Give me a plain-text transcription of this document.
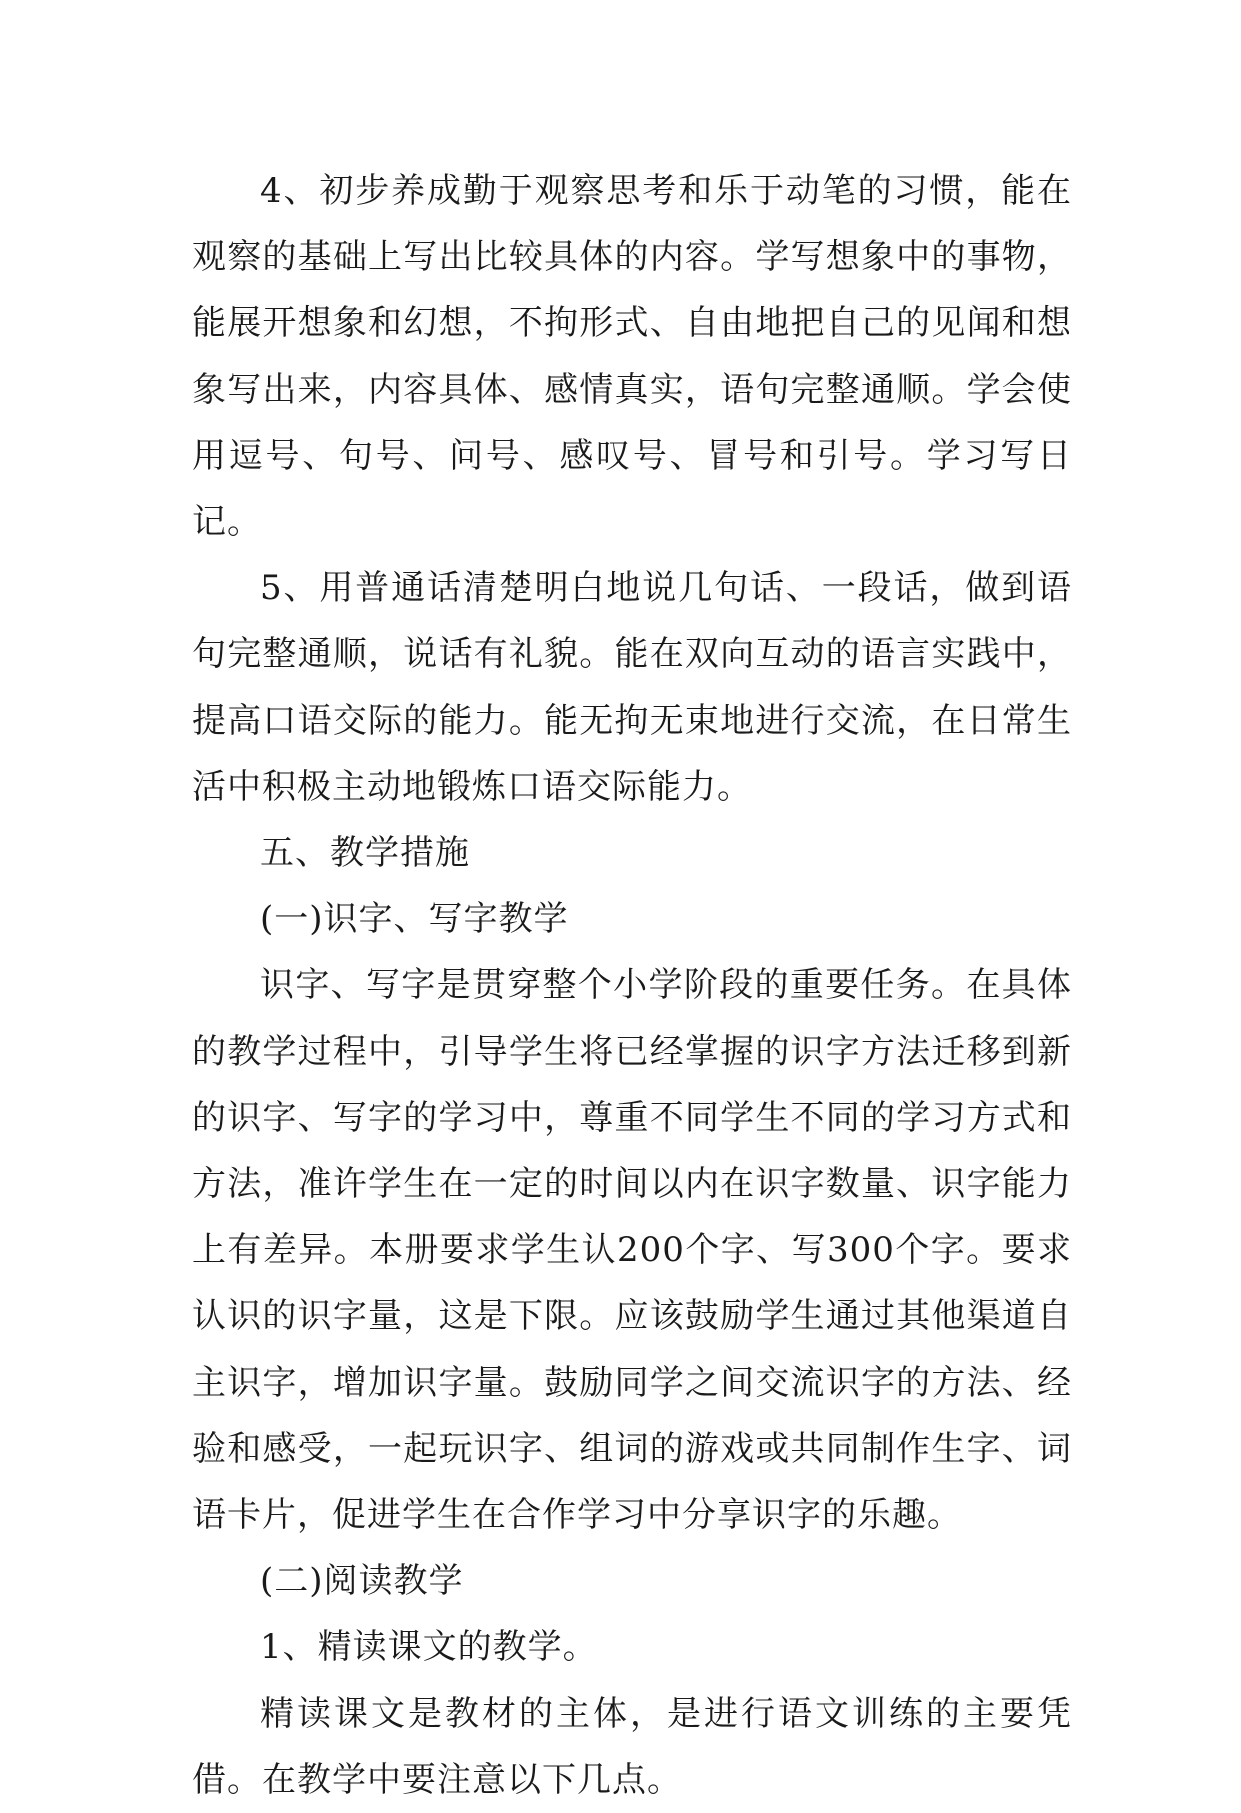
4、初步养成勤于观察思考和乐于动笔的习惯，能在观察的基础上写出比较具体的内容。学写想象中的事物，能展开想象和幻想，不拘形式、自由地把自己的见闻和想象写出来，内容具体、感情真实，语句完整通顺。学会使用逗号、句号、问号、感叹号、冒号和引号。学习写日记。

5、用普通话清楚明白地说几句话、一段话，做到语句完整通顺，说话有礼貌。能在双向互动的语言实践中，提高口语交际的能力。能无拘无束地进行交流，在日常生活中积极主动地锻炼口语交际能力。

五、教学措施

(一)识字、写字教学

识字、写字是贯穿整个小学阶段的重要任务。在具体的教学过程中，引导学生将已经掌握的识字方法迁移到新的识字、写字的学习中，尊重不同学生不同的学习方式和方法，准许学生在一定的时间以内在识字数量、识字能力上有差异。本册要求学生认200个字、写300个字。要求认识的识字量，这是下限。应该鼓励学生通过其他渠道自主识字，增加识字量。鼓励同学之间交流识字的方法、经验和感受，一起玩识字、组词的游戏或共同制作生字、词语卡片，促进学生在合作学习中分享识字的乐趣。

(二)阅读教学

1、精读课文的教学。

精读课文是教材的主体，是进行语文训练的主要凭借。在教学中要注意以下几点。
